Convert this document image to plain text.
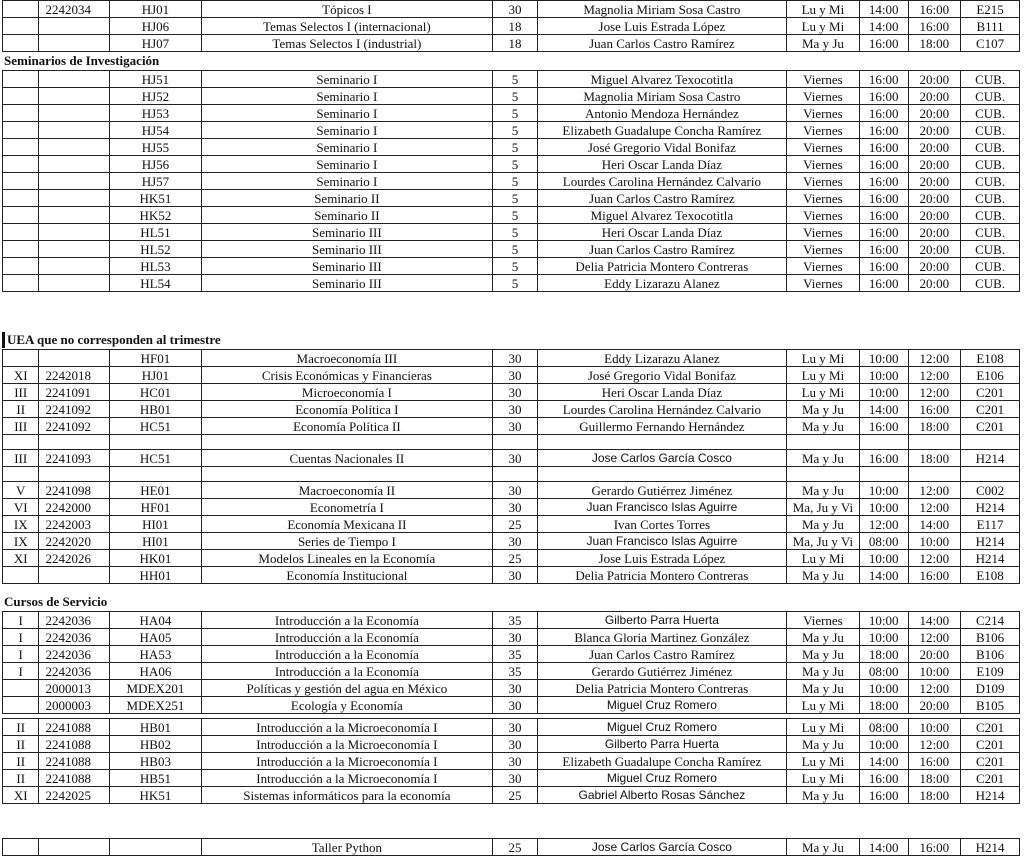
	2242034	HJ01	Tópicos I	30	Magnolia Miriam Sosa Castro	Lu y Mi	14:00	16:00	E215
		HJ06	Temas Selectos I (internacional)	18	Jose Luis Estrada López	Lu y Mi	14:00	16:00	B111
		HJ07	Temas Selectos I (industrial)	18	Juan Carlos Castro Ramírez	Ma y Ju	16:00	18:00	C107
Seminarios de Investigación
		HJ51	Seminario I	5	Miguel Alvarez Texocotitla	Viernes	16:00	20:00	CUB.
		HJ52	Seminario I	5	Magnolia Miriam Sosa Castro	Viernes	16:00	20:00	CUB.
		HJ53	Seminario I	5	Antonio Mendoza Hernández	Viernes	16:00	20:00	CUB.
		HJ54	Seminario I	5	Elizabeth Guadalupe Concha Ramírez	Viernes	16:00	20:00	CUB.
		HJ55	Seminario I	5	José Gregorio Vidal Bonifaz	Viernes	16:00	20:00	CUB.
		HJ56	Seminario I	5	Heri Oscar Landa Díaz	Viernes	16:00	20:00	CUB.
		HJ57	Seminario I	5	Lourdes Carolina Hernández Calvario	Viernes	16:00	20:00	CUB.
		HK51	Seminario II	5	Juan Carlos Castro Ramírez	Viernes	16:00	20:00	CUB.
		HK52	Seminario II	5	Miguel Alvarez Texocotitla	Viernes	16:00	20:00	CUB.
		HL51	Seminario III	5	Heri Oscar Landa Díaz	Viernes	16:00	20:00	CUB.
		HL52	Seminario III	5	Juan Carlos Castro Ramírez	Viernes	16:00	20:00	CUB.
		HL53	Seminario III	5	Delia Patricia Montero Contreras	Viernes	16:00	20:00	CUB.
		HL54	Seminario III	5	Eddy Lizarazu Alanez	Viernes	16:00	20:00	CUB.
UEA que no corresponden al trimestre
		HF01	Macroeconomía III	30	Eddy Lizarazu Alanez	Lu y Mi	10:00	12:00	E108
XI	2242018	HJ01	Crisis Económicas y Financieras	30	José Gregorio Vidal Bonifaz	Lu y Mi	10:00	12:00	E106
III	2241091	HC01	Microeconomía I	30	Heri Oscar Landa Díaz	Lu y Mi	10:00	12:00	C201
II	2241092	HB01	Economía Política I	30	Lourdes Carolina Hernández Calvario	Ma y Ju	14:00	16:00	C201
III	2241092	HC51	Economía Política II	30	Guillermo Fernando Hernández	Ma y Ju	16:00	18:00	C201

III	2241093	HC51	Cuentas Nacionales II	30	Jose Carlos García Cosco	Ma y Ju	16:00	18:00	H214

V	2241098	HE01	Macroeconomía II	30	Gerardo Gutiérrez Jiménez	Ma y Ju	10:00	12:00	C002
VI	2242000	HF01	Econometría I	30	Juan Francisco Islas Aguirre	Ma, Ju y Vi	10:00	12:00	H214
IX	2242003	HI01	Economía Mexicana II	25	Ivan Cortes Torres	Ma y Ju	12:00	14:00	E117
IX	2242020	HI01	Series de Tiempo I	30	Juan Francisco Islas Aguirre	Ma, Ju y Vi	08:00	10:00	H214
XI	2242026	HK01	Modelos Lineales en la Economía	25	Jose Luis Estrada López	Lu y Mi	10:00	12:00	H214
		HH01	Economía Institucional	30	Delia Patricia Montero Contreras	Ma y Ju	14:00	16:00	E108
Cursos de Servicio
I	2242036	HA04	Introducción a la Economía	35	Gilberto Parra Huerta	Viernes	10:00	14:00	C214
I	2242036	HA05	Introducción a la Economía	30	Blanca Gloria Martinez González	Ma y Ju	10:00	12:00	B106
I	2242036	HA53	Introducción a la Economía	35	Juan Carlos Castro Ramírez	Ma y Ju	18:00	20:00	B106
I	2242036	HA06	Introducción a la Economía	35	Gerardo Gutiérrez Jiménez	Ma y Ju	08:00	10:00	E109
	2000013	MDEX201	Políticas y gestión del agua en México	30	Delia Patricia Montero Contreras	Ma y Ju	10:00	12:00	D109
	2000003	MDEX251	Ecología y Economía	30	Miguel Cruz Romero	Lu y Mi	18:00	20:00	B105
II	2241088	HB01	Introducción a la Microeconomía I	30	Miguel Cruz Romero	Lu y Mi	08:00	10:00	C201
II	2241088	HB02	Introducción a la Microeconomía I	30	Gilberto Parra Huerta	Ma y Ju	10:00	12:00	C201
II	2241088	HB03	Introducción a la Microeconomía I	30	Elizabeth Guadalupe Concha Ramírez	Lu y Mi	14:00	16:00	C201
II	2241088	HB51	Introducción a la Microeconomía I	30	Miguel Cruz Romero	Lu y Mi	16:00	18:00	C201
XI	2242025	HK51	Sistemas informáticos para la economía	25	Gabriel Alberto Rosas Sánchez	Ma y Ju	16:00	18:00	H214
			Taller Python	25	Jose Carlos García Cosco	Ma y Ju	14:00	16:00	H214
